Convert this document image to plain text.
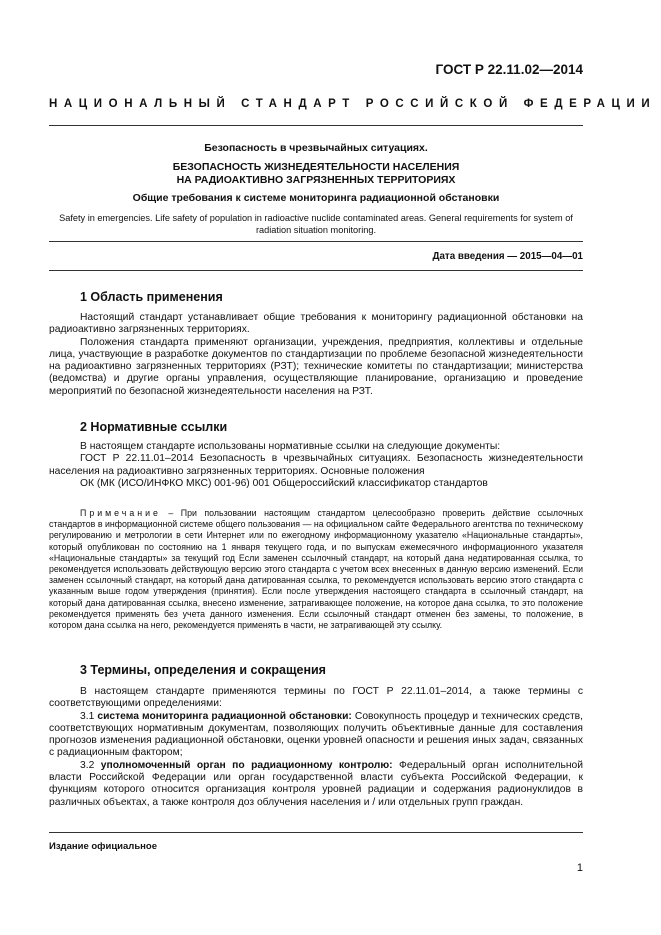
ГОСТ Р 22.11.02—2014
НАЦИОНАЛЬНЫЙ СТАНДАРТ РОССИЙСКОЙ ФЕДЕРАЦИИ
Безопасность в чрезвычайных ситуациях.
БЕЗОПАСНОСТЬ ЖИЗНЕДЕЯТЕЛЬНОСТИ НАСЕЛЕНИЯ
НА РАДИОАКТИВНО ЗАГРЯЗНЕННЫХ ТЕРРИТОРИЯХ
Общие требования к системе мониторинга радиационной обстановки
Safety in emergencies. Life safety of population in radioactive nuclide contaminated areas. General requirements for system of radiation situation monitoring.
Дата введения — 2015—04—01
1 Область применения

Настоящий стандарт устанавливает общие требования к мониторингу радиационной обстановки на радиоактивно загрязненных территориях.

Положения стандарта применяют организации, учреждения, предприятия, коллективы и отдельные лица, участвующие в разработке документов по стандартизации по проблеме безопасной жизнедеятельности на радиоактивно загрязненных территориях (РЗТ); технические комитеты по стандартизации; министерства (ведомства) и другие органы управления, осуществляющие планирование, организацию и проведение мероприятий по безопасной жизнедеятельности населения на РЗТ.

2 Нормативные ссылки

В настоящем стандарте использованы нормативные ссылки на следующие документы:

ГОСТ Р 22.11.01–2014 Безопасность в чрезвычайных ситуациях. Безопасность жизнедеятельности населения на радиоактивно загрязненных территориях. Основные положения

ОК (МК (ИСО/ИНФКО МКС) 001-96) 001 Общероссийский классификатор стандартов

Примечание – При пользовании настоящим стандартом целесообразно проверить действие ссылочных стандартов в информационной системе общего пользования — на официальном сайте Федерального агентства по техническому регулированию и метрологии в сети Интернет или по ежегодному информационному указателю «Национальные стандарты», который опубликован по состоянию на 1 января текущего года, и по выпускам ежемесячного информационного указателя «Национальные стандарты» за текущий год Если заменен ссылочный стандарт, на который дана недатированная ссылка, то рекомендуется использовать действующую версию этого стандарта с учетом всех внесенных в данную версию изменений. Если заменен ссылочный стандарт, на который дана датированная ссылка, то рекомендуется использовать версию этого стандарта с указанным выше годом утверждения (принятия). Если после утверждения настоящего стандарта в ссылочный стандарт, на который дана датированная ссылка, внесено изменение, затрагивающее положение, на которое дана ссылка, то это положение рекомендуется применять без учета данного изменения. Если ссылочный стандарт отменен без замены, то положение, в котором дана ссылка на него, рекомендуется применять в части, не затрагивающей эту ссылку.
3 Термины, определения и сокращения

В настоящем стандарте применяются термины по ГОСТ Р 22.11.01–2014, а также термины с соответствующими определениями:

3.1 система мониторинга радиационной обстановки: Совокупность процедур и технических средств, соответствующих нормативным документам, позволяющих получить объективные данные для составления прогнозов изменения радиационной обстановки, оценки уровней опасности и решения иных задач, связанных с радиационным фактором;

3.2 уполномоченный орган по радиационному контролю: Федеральный орган исполнительной власти Российской Федерации или орган государственной власти субъекта Российской Федерации, к функциям которого относится организация контроля уровней радиации и содержания радионуклидов в различных объектах, а также контроля доз облучения населения и / или отдельных групп граждан.

Издание официальное
1
